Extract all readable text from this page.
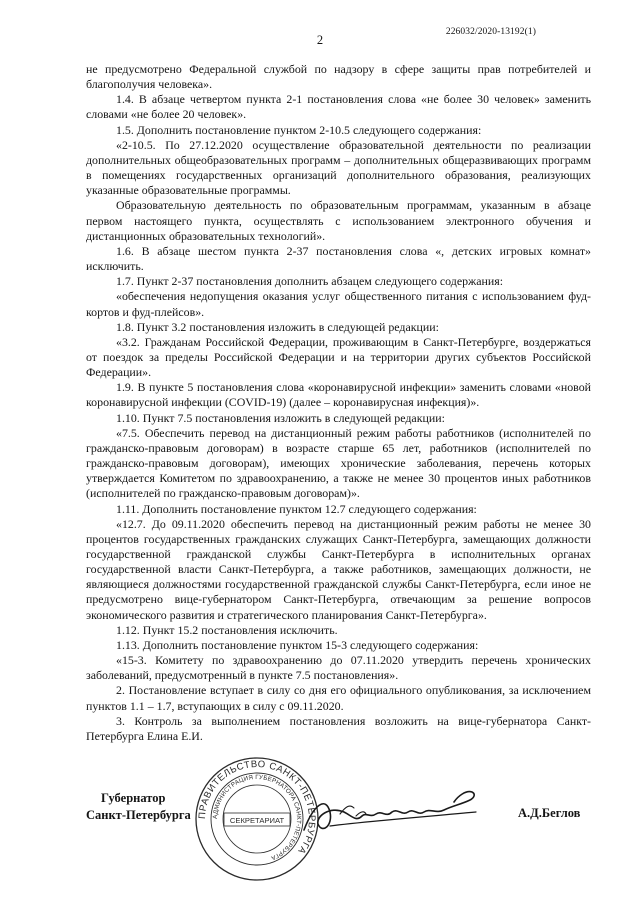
226032/2020-13192(1)
2

не предусмотрено Федеральной службой по надзору в сфере защиты прав потребителей и благополучия человека».

1.4. В абзаце четвертом пункта 2-1 постановления слова «не более 30 человек» заменить словами «не более 20 человек».

1.5. Дополнить постановление пунктом 2-10.5 следующего содержания:

«2-10.5. По 27.12.2020 осуществление образовательной деятельности по реализации дополнительных общеобразовательных программ – дополнительных общеразвивающих программ в помещениях государственных организаций дополнительного образования, реализующих указанные образовательные программы.

Образовательную деятельность по образовательным программам, указанным в абзаце первом настоящего пункта, осуществлять с использованием электронного обучения и дистанционных образовательных технологий».

1.6. В абзаце шестом пункта 2-37 постановления слова «, детских игровых комнат» исключить.

1.7. Пункт 2-37 постановления дополнить абзацем следующего содержания:

«обеспечения недопущения оказания услуг общественного питания с использованием фуд-кортов и фуд-плейсов».

1.8. Пункт 3.2 постановления изложить в следующей редакции:

«3.2. Гражданам Российской Федерации, проживающим в Санкт-Петербурге, воздержаться от поездок за пределы Российской Федерации и на территории других субъектов Российской Федерации».

1.9. В пункте 5 постановления слова «коронавирусной инфекции» заменить словами «новой коронавирусной инфекции (COVID-19) (далее – коронавирусная инфекция)».

1.10. Пункт 7.5 постановления изложить в следующей редакции:

«7.5. Обеспечить перевод на дистанционный режим работы работников (исполнителей по гражданско-правовым договорам) в возрасте старше 65 лет, работников (исполнителей по гражданско-правовым договорам), имеющих хронические заболевания, перечень которых утверждается Комитетом по здравоохранению, а также не менее 30 процентов иных работников (исполнителей по гражданско-правовым договорам)».

1.11. Дополнить постановление пунктом 12.7 следующего содержания:

«12.7. До 09.11.2020 обеспечить перевод на дистанционный режим работы не менее 30 процентов государственных гражданских служащих Санкт-Петербурга, замещающих должности государственной гражданской службы Санкт-Петербурга в исполнительных органах государственной власти Санкт-Петербурга, а также работников, замещающих должности, не являющиеся должностями государственной гражданской службы Санкт-Петербурга, если иное не предусмотрено вице-губернатором Санкт-Петербурга, отвечающим за решение вопросов экономического развития и стратегического планирования Санкт-Петербурга».

1.12. Пункт 15.2 постановления исключить.

1.13. Дополнить постановление пунктом 15-3 следующего содержания:

«15-3. Комитету по здравоохранению до 07.11.2020 утвердить перечень хронических заболеваний, предусмотренный в пункте 7.5 постановления».

2. Постановление вступает в силу со дня его официального опубликования, за исключением пунктов 1.1 – 1.7, вступающих в силу с 09.11.2020.

3. Контроль за выполнением постановления возложить на вице-губернатора Санкт-Петербурга Елина Е.И.

Губернатор
Санкт-Петербурга ПРАВИТЕЛЬСТВО САНКТ-ПЕТЕРБУРГА
АДМИНИСТРАЦИЯ ГУБЕРНАТОРА САНКТ-ПЕТЕРБУРГА
СЕКРЕТАРИАТ
А.Д.Беглов
